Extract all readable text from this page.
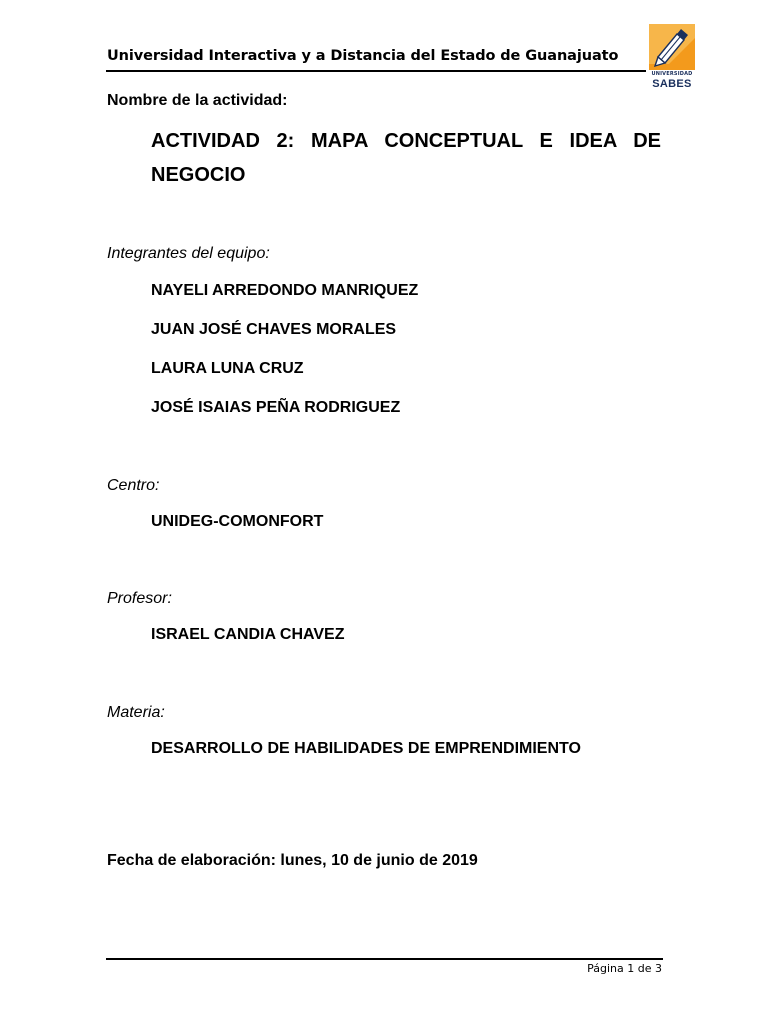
Universidad Interactiva y a Distancia del Estado de Guanajuato
UNIVERSIDAD
SABES
Nombre de la actividad:
ACTIVIDAD 2: MAPA CONCEPTUAL E IDEA DE NEGOCIO
Integrantes del equipo:
NAYELI ARREDONDO MANRIQUEZ
JUAN JOSÉ CHAVES MORALES
LAURA LUNA CRUZ
JOSÉ ISAIAS PEÑA RODRIGUEZ
Centro:
UNIDEG-COMONFORT
Profesor:
ISRAEL CANDIA CHAVEZ
Materia:
DESARROLLO DE HABILIDADES DE EMPRENDIMIENTO
Fecha de elaboración: lunes, 10 de junio de 2019
Página 1 de 3
